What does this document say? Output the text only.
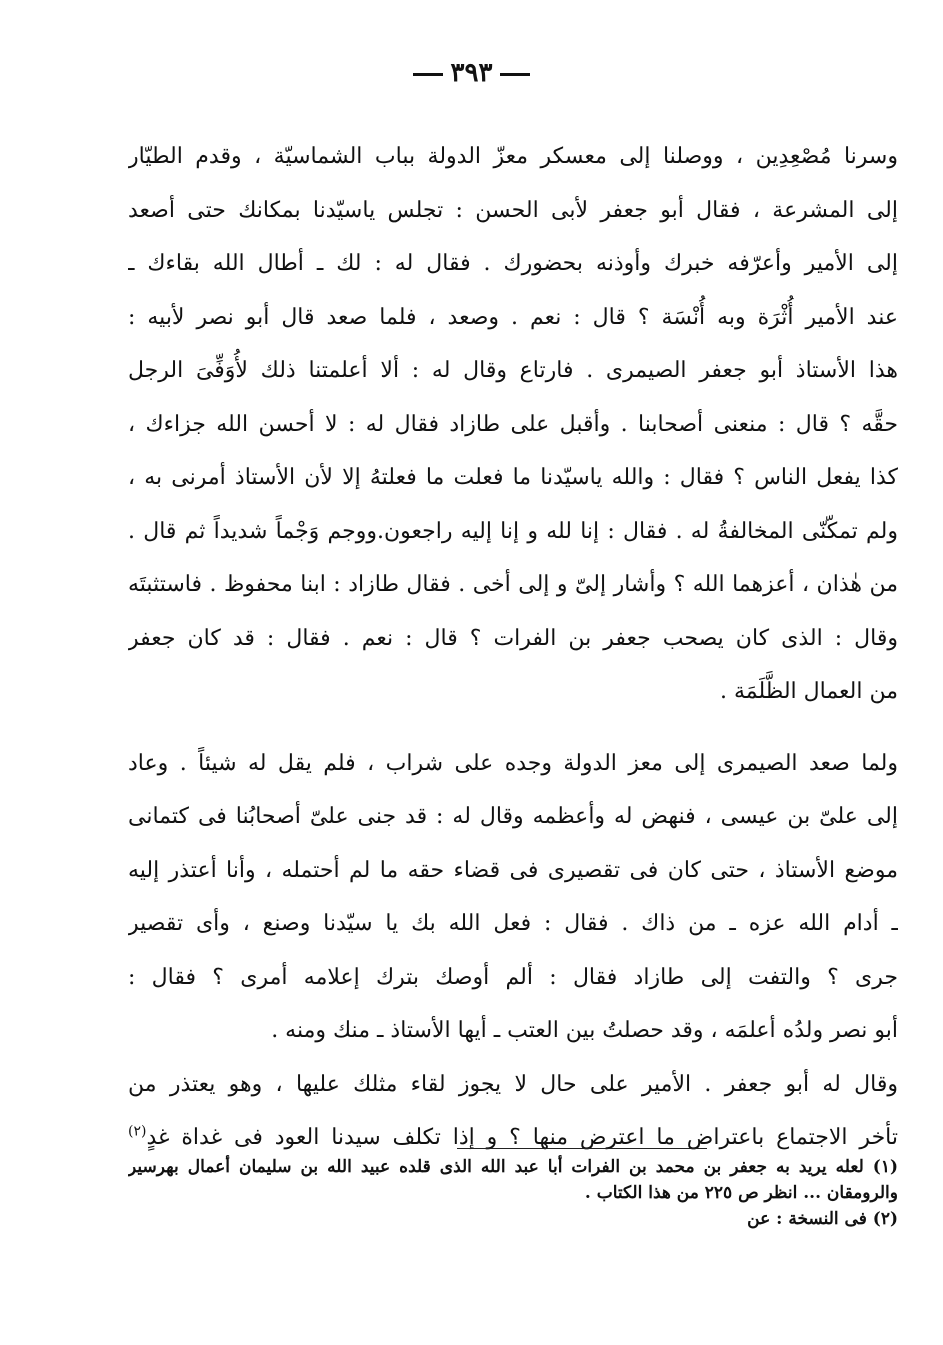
٣٩٣
وسرنا مُصْعِدِين ، ووصلنا إلى معسكر معزّ الدولة بباب الشماسيّة ، وقدم الطيّار
إلى المشرعة ، فقال أبو جعفر لأبى الحسن : تجلس ياسيّدنا بمكانك حتى أصعد
إلى الأمير وأعرّفه خبرك وأوذنه بحضورك . فقال له : لك ـ أطال الله بقاءك ـ
عند الأمير أُثْرَة وبه أُنْسَة ؟ قال : نعم . وصعد ، فلما صعد قال أبو نصر لأبيه :
هذا الأستاذ أبو جعفر الصيمرى . فارتاع وقال له : ألا أعلمتنا ذلك لأُوَفِّىَ الرجل
حقَّه ؟ قال : منعنى أصحابنا . وأقبل على طازاد فقال له : لا أحسن الله جزاءك ،
كذا يفعل الناس ؟ فقال : والله ياسيّدنا ما فعلت ما فعلتهُ إلا لأن الأستاذ أمرنى به ،
ولم تمكّنّى المخالفةُ له . فقال : إنا لله و إنا إليه راجعون.ووجم وَجْماً شديداً ثم قال .
من هٰذان ، أعزهما الله ؟ وأشار إلىّ و إلى أخى . فقال طازاد : ابنا محفوظ . فاستثبتَه
وقال : الذى كان يصحب جعفر بن الفرات ؟ قال : نعم . فقال : قد كان جعفر
من العمال الظَّلَمَة .
ولما صعد الصيمرى إلى معز الدولة وجده على شراب ، فلم يقل له شيئاً . وعاد
إلى علىّ بن عيسى ، فنهض له وأعظمه وقال له : قد جنى علىّ أصحابُنا فى كتمانى
موضع الأستاذ ، حتى كان فى تقصيرى فى قضاء حقه ما لم أحتمله ، وأنا أعتذر إليه
ـ أدام الله عزه ـ من ذاك . فقال : فعل الله بك يا سيّدنا وصنع ، وأى تقصير
جرى ؟ والتفت إلى طازاد فقال : ألم أوصك بترك إعلامه أمرى ؟ فقال :
أبو نصر ولدُه أعلمَه ، وقد حصلتُ بين العتب ـ أيها الأستاذ ـ منك ومنه .
وقال له أبو جعفر . الأمير على حال لا يجوز لقاء مثلك عليها ، وهو يعتذر من
تأخر الاجتماع باعتراض ما اعترض منها ؟ و إذا تكلف سيدنا العود فى غداة غدٍ$^{(٢)}$
(١) لعله يريد به جعفر بن محمد بن الفرات أبا عبد الله الذى قلده عبيد الله بن سليمان أعمال بهرسير
والرومقان ... انظر ص ٢٢٥ من هذا الكتاب .
(٢) فى النسخة : عن
